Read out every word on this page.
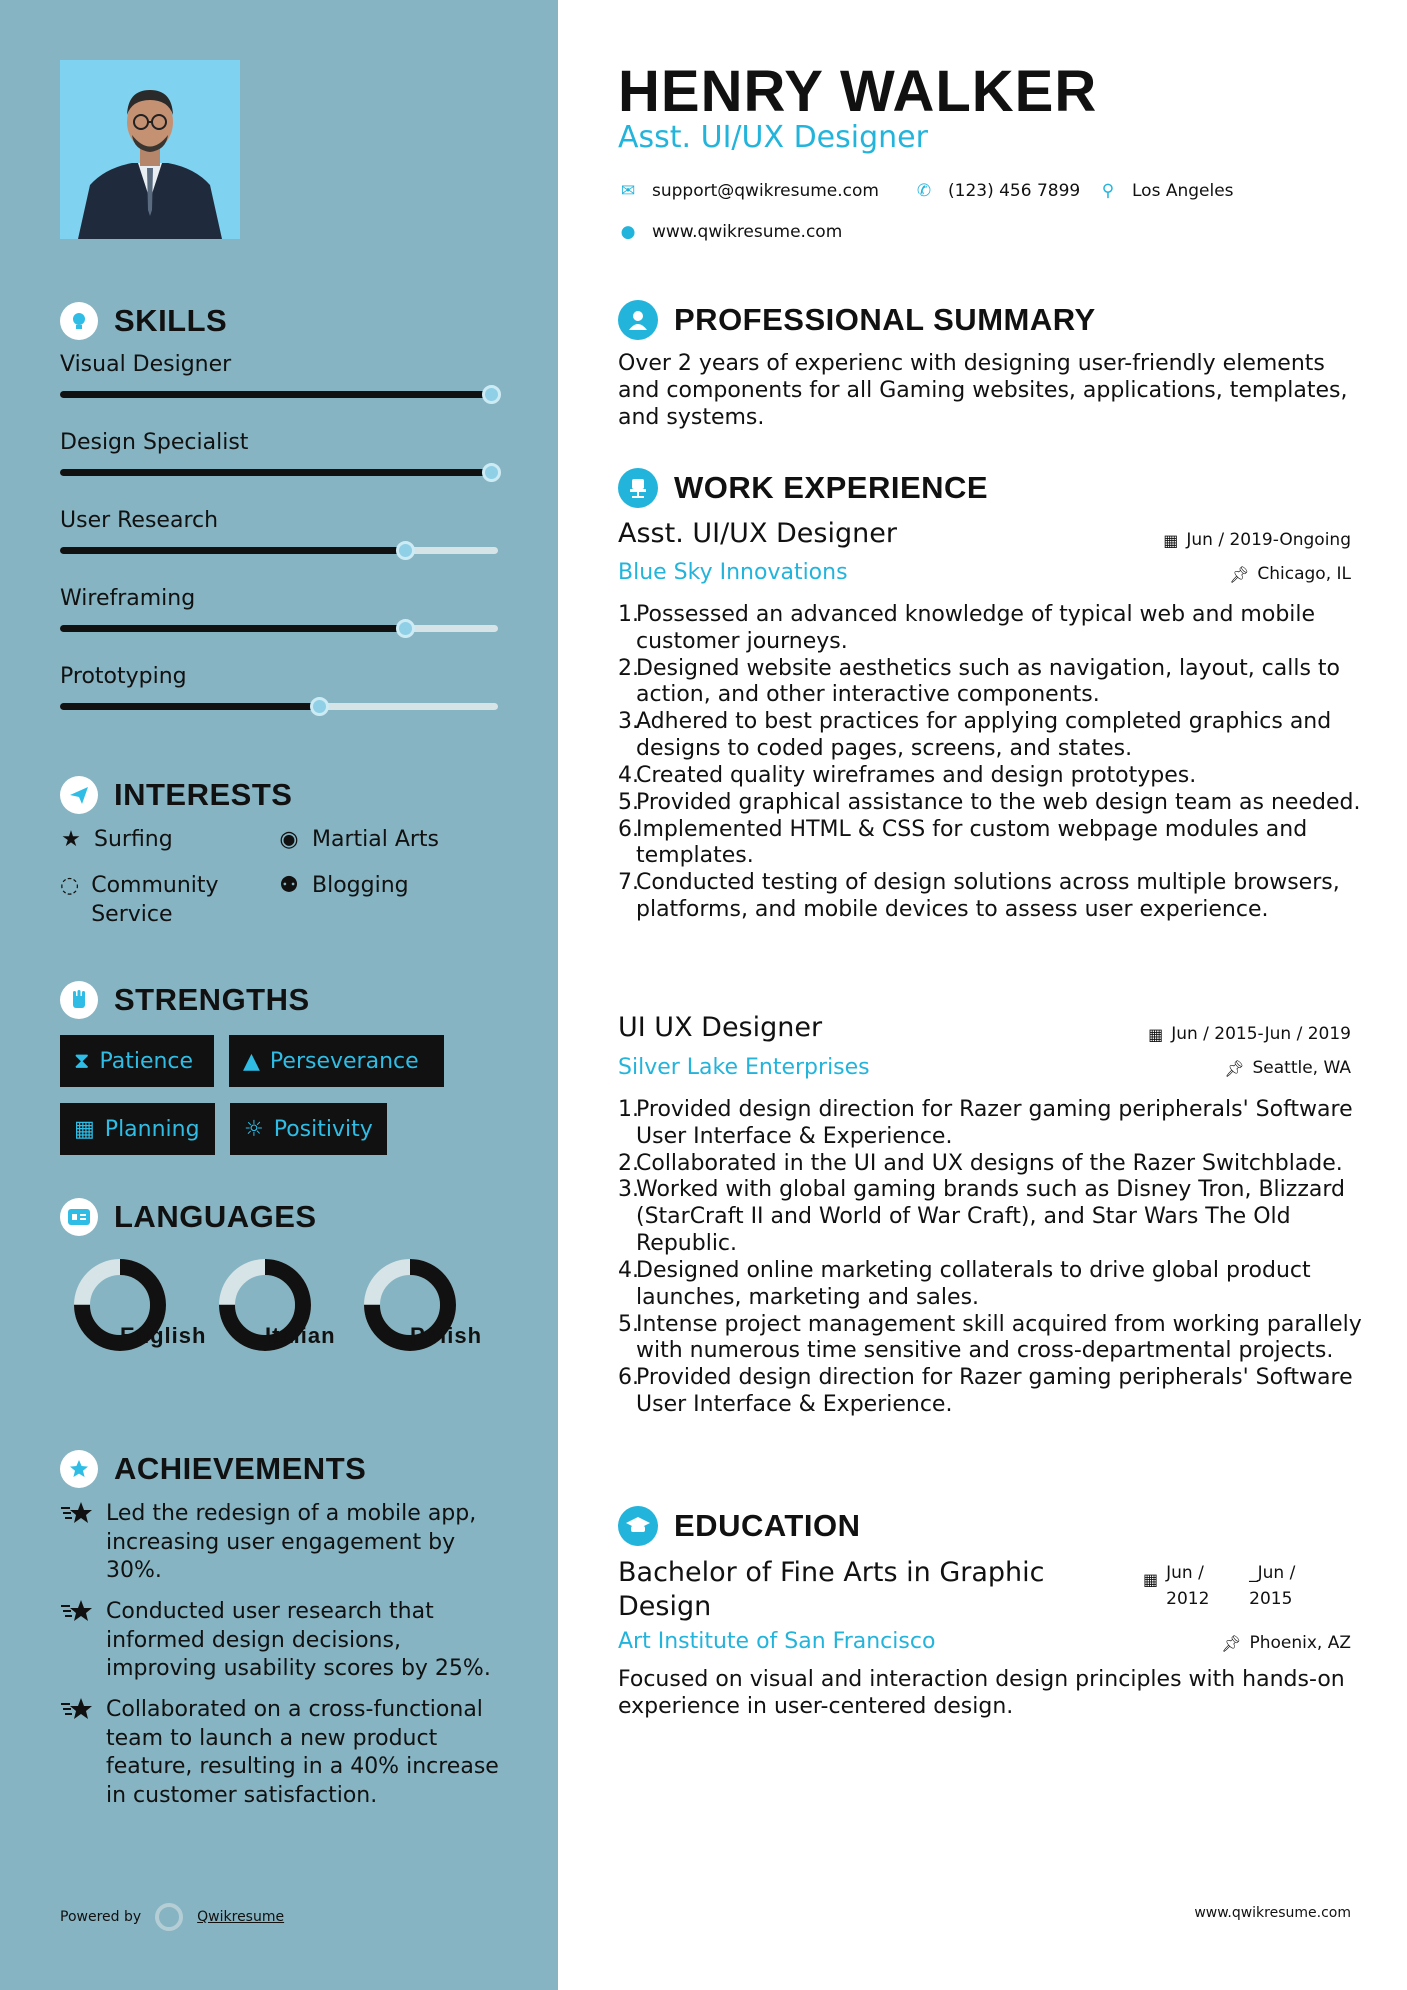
SKILLS
Visual Designer
Design Specialist
User Research
Wireframing
Prototyping
INTERESTS
★ Surfing	◉ Martial Arts
◌ Community Service
⚉ Blogging
STRENGTHS
⧗ Patience ▲ Perseverance
▦ Planning ☼ Positivity
LANGUAGES
English	Italian	Polish
ACHIEVEMENTS
Led the redesign of a mobile app, increasing user engagement by 30%.
Conducted user research that informed design decisions, improving usability scores by 25%.
Collaborated on a cross-functional team to launch a new product feature, resulting in a 40% increase in customer satisfaction.
Powered by	Qwikresume
HENRY WALKER
Asst. UI/UX Designer
✉ support@qwikresume.com ✆ (123) 456 7899 ⚲ Los Angeles
● www.qwikresume.com
PROFESSIONAL SUMMARY
Over 2 years of experienc with designing user-friendly elements and components for all Gaming websites, applications, templates, and systems.
WORK EXPERIENCE
Asst. UI/UX Designer	▦ Jun / 2019-Ongoing
Blue Sky Innovations	📌︎ Chicago, IL
1.
Possessed an advanced knowledge of typical web and mobile customer journeys.
2.
Designed website aesthetics such as navigation, layout, calls to action, and other interactive components.
3.
Adhered to best practices for applying completed graphics and designs to coded pages, screens, and states.
4.
Created quality wireframes and design prototypes.
5.
Provided graphical assistance to the web design team as needed.
6.
Implemented HTML & CSS for custom webpage modules and templates.
7.
Conducted testing of design solutions across multiple browsers, platforms, and mobile devices to assess user experience.
UI UX Designer	▦ Jun / 2015-Jun / 2019
Silver Lake Enterprises	📌︎ Seattle, WA
1.
Provided design direction for Razer gaming peripherals' Software User Interface & Experience.
2.
Collaborated in the UI and UX designs of the Razer Switchblade.
3.
Worked with global gaming brands such as Disney Tron, Blizzard (StarCraft II and World of War Craft), and Star Wars The Old Republic.
4.
Designed online marketing collaterals to drive global product launches, marketing and sales.
5.
Intense project management skill acquired from working parallely with numerous time sensitive and cross-departmental projects.
6.
Provided design direction for Razer gaming peripherals' Software User Interface & Experience.
EDUCATION
Bachelor of Fine Arts in Graphic Design
▦ Jun / 2012
_Jun / 2015
Art Institute of San Francisco	📌︎ Phoenix, AZ
Focused on visual and interaction design principles with hands-on experience in user-centered design.
www.qwikresume.com
